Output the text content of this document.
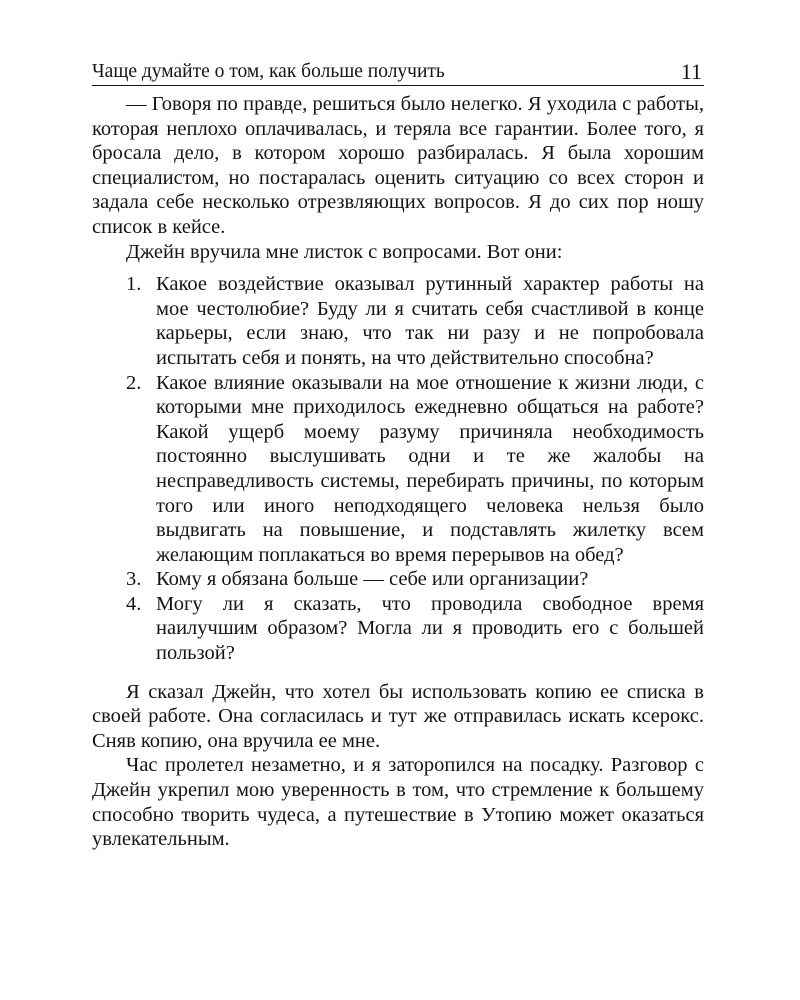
Чаще думайте о том, как больше получить	11

— Говоря по правде, решиться было нелегко. Я уходила с работы, которая неплохо оплачивалась, и теряла все гарантии. Более того, я бросала дело, в котором хорошо разбиралась. Я была хорошим специалистом, но постаралась оценить ситуацию со всех сторон и задала себе несколько отрезвляющих вопросов. Я до сих пор ношу список в кейсе.

Джейн вручила мне листок с вопросами. Вот они:

1. Какое воздействие оказывал рутинный характер работы на мое честолюбие? Буду ли я считать себя счастливой в конце карьеры, если знаю, что так ни разу и не попробовала испытать себя и понять, на что действительно способна?
2. Какое влияние оказывали на мое отношение к жизни люди, с которыми мне приходилось ежедневно общаться на работе? Какой ущерб моему разуму причиняла необходимость постоянно выслушивать одни и те же жалобы на несправедливость системы, перебирать причины, по которым того или иного неподходящего человека нельзя было выдвигать на повышение, и подставлять жилетку всем желающим поплакаться во время перерывов на обед?
3. Кому я обязана больше — себе или организации?
4. Могу ли я сказать, что проводила свободное время наилучшим образом? Могла ли я проводить его с большей пользой?

Я сказал Джейн, что хотел бы использовать копию ее списка в своей работе. Она согласилась и тут же отправилась искать ксерокс. Сняв копию, она вручила ее мне.

Час пролетел незаметно, и я заторопился на посадку. Разговор с Джейн укрепил мою уверенность в том, что стремление к большему способно творить чудеса, а путешествие в Утопию может оказаться увлекательным.
